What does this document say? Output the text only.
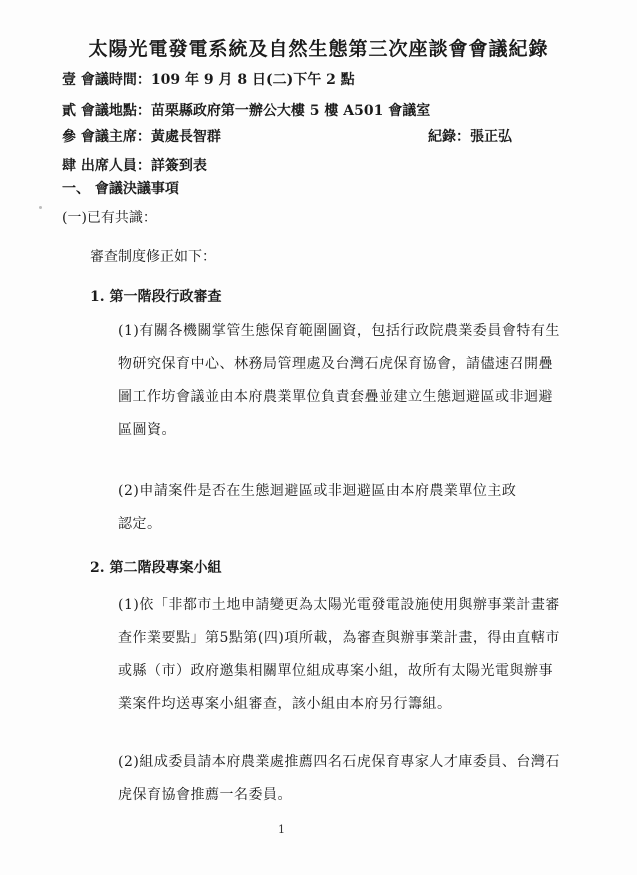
太陽光電發電系統及自然生態第三次座談會會議紀錄
壹 會議時間：109 年 9 月 8 日(二)下午 2 點
貳 會議地點：苗栗縣政府第一辦公大樓 5 樓 A501 會議室
參 會議主席：黃處長智群	紀錄：張正弘
肆 出席人員：詳簽到表
一、 會議決議事項
(一)已有共識：
審查制度修正如下：
1. 第一階段行政審查
(1)有關各機關掌管生態保育範圍圖資，包括行政院農業委員會特有生
物研究保育中心、林務局管理處及台灣石虎保育協會，請儘速召開疊
圖工作坊會議並由本府農業單位負責套疊並建立生態迴避區或非迴避
區圖資。
(2)申請案件是否在生態迴避區或非迴避區由本府農業單位主政
認定。
2. 第二階段專案小組
(1)依「非都市土地申請變更為太陽光電發電設施使用與辦事業計畫審
查作業要點」第5點第(四)項所載，為審查與辦事業計畫，得由直轄市
或縣（市）政府邀集相關單位組成專案小組，故所有太陽光電與辦事
業案件均送專案小組審查，該小組由本府另行籌組。
(2)組成委員請本府農業處推薦四名石虎保育專家人才庫委員、台灣石
虎保育協會推薦一名委員。
1
